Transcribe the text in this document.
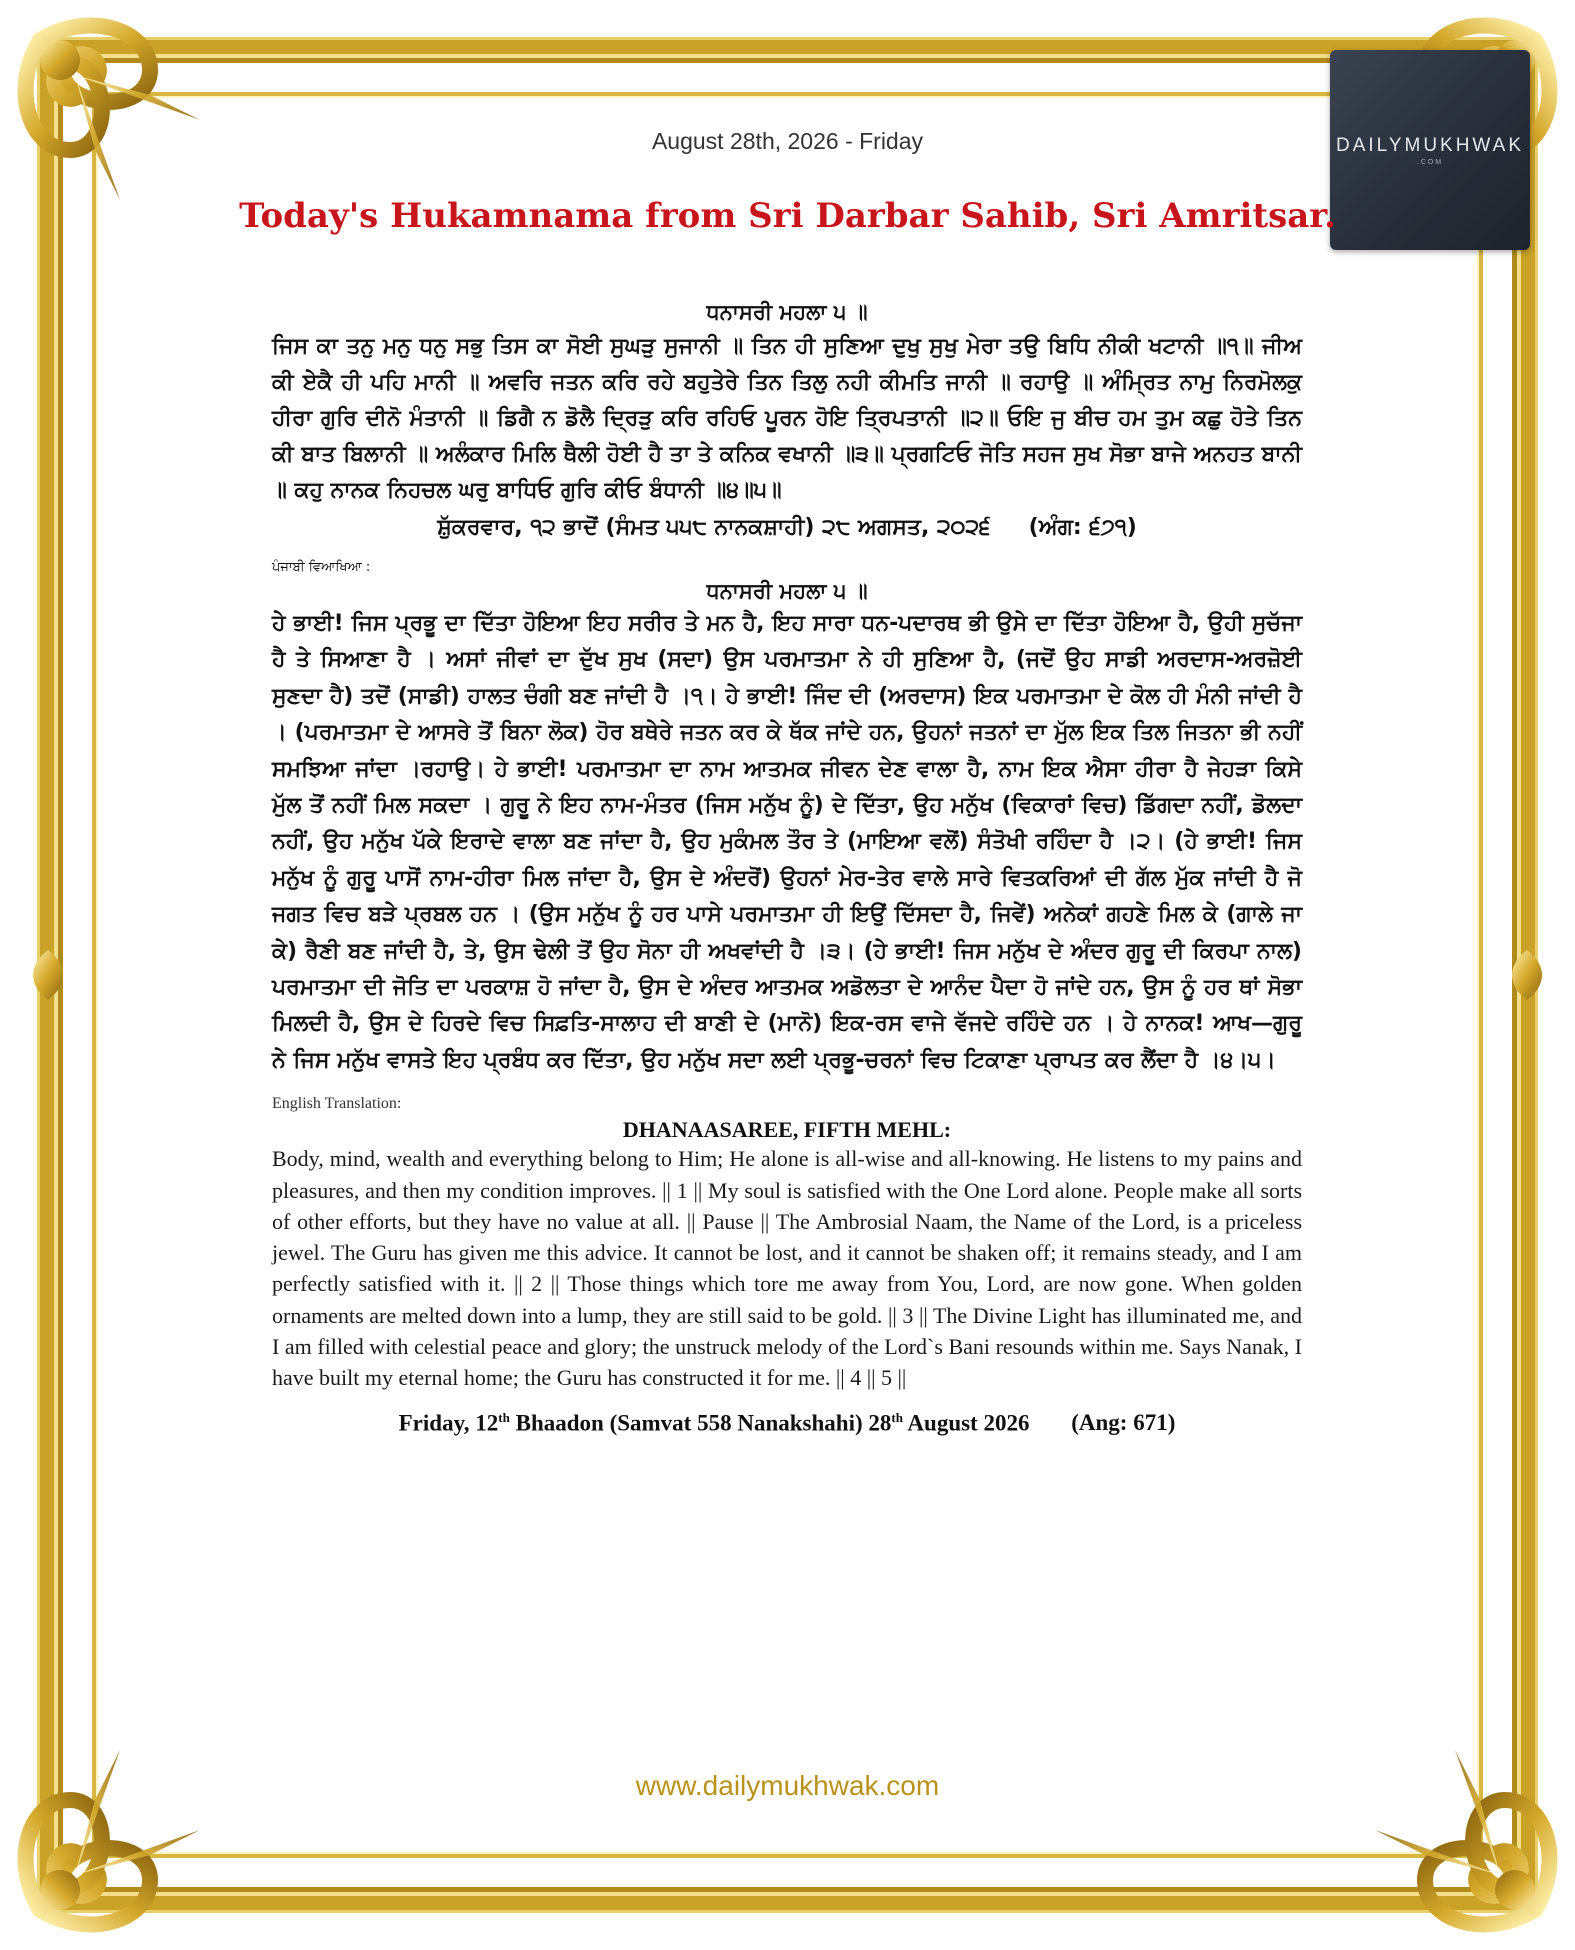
DAILYMUKHWAK
.COM
August 28th, 2026 - Friday
Today's Hukamnama from Sri Darbar Sahib, Sri Amritsar.
ਧਨਾਸਰੀ ਮਹਲਾ ੫ ॥

ਜਿਸ ਕਾ ਤਨੁ ਮਨੁ ਧਨੁ ਸਭੁ ਤਿਸ ਕਾ ਸੋਈ ਸੁਘੜੁ ਸੁਜਾਨੀ ॥ ਤਿਨ ਹੀ ਸੁਣਿਆ ਦੁਖੁ ਸੁਖੁ ਮੇਰਾ ਤਉ ਬਿਧਿ ਨੀਕੀ ਖਟਾਨੀ ॥੧॥ ਜੀਅ ਕੀ ਏਕੈ ਹੀ ਪਹਿ ਮਾਨੀ ॥ ਅਵਰਿ ਜਤਨ ਕਰਿ ਰਹੇ ਬਹੁਤੇਰੇ ਤਿਨ ਤਿਲੁ ਨਹੀ ਕੀਮਤਿ ਜਾਨੀ ॥ ਰਹਾਉ ॥ ਅੰਮ੍ਰਿਤ ਨਾਮੁ ਨਿਰਮੋਲਕੁ ਹੀਰਾ ਗੁਰਿ ਦੀਨੋ ਮੰਤਾਨੀ ॥ ਡਿਗੈ ਨ ਡੋਲੈ ਦ੍ਰਿੜੁ ਕਰਿ ਰਹਿਓ ਪੂਰਨ ਹੋਇ ਤ੍ਰਿਪਤਾਨੀ ॥੨॥ ਓਇ ਜੁ ਬੀਚ ਹਮ ਤੁਮ ਕਛੁ ਹੋਤੇ ਤਿਨ ਕੀ ਬਾਤ ਬਿਲਾਨੀ ॥ ਅਲੰਕਾਰ ਮਿਲਿ ਥੈਲੀ ਹੋਈ ਹੈ ਤਾ ਤੇ ਕਨਿਕ ਵਖਾਨੀ ॥੩॥ ਪ੍ਰਗਟਿਓ ਜੋਤਿ ਸਹਜ ਸੁਖ ਸੋਭਾ ਬਾਜੇ ਅਨਹਤ ਬਾਨੀ ॥ ਕਹੁ ਨਾਨਕ ਨਿਹਚਲ ਘਰੁ ਬਾਧਿਓ ਗੁਰਿ ਕੀਓ ਬੰਧਾਨੀ ॥੪॥੫॥

ਸ਼ੁੱਕਰਵਾਰ, ੧੨ ਭਾਦੋਂ (ਸੰਮਤ ੫੫੮ ਨਾਨਕਸ਼ਾਹੀ) ੨੮ ਅਗਸਤ, ੨੦੨੬     (ਅੰਗ: ੬੭੧)
ਪੰਜਾਬੀ ਵਿਆਖਿਆ :
ਧਨਾਸਰੀ ਮਹਲਾ ੫ ॥

ਹੇ ਭਾਈ! ਜਿਸ ਪ੍ਰਭੂ ਦਾ ਦਿੱਤਾ ਹੋਇਆ ਇਹ ਸਰੀਰ ਤੇ ਮਨ ਹੈ, ਇਹ ਸਾਰਾ ਧਨ-ਪਦਾਰਥ ਭੀ ਉਸੇ ਦਾ ਦਿੱਤਾ ਹੋਇਆ ਹੈ, ਉਹੀ ਸੁਚੱਜਾ ਹੈ ਤੇ ਸਿਆਣਾ ਹੈ । ਅਸਾਂ ਜੀਵਾਂ ਦਾ ਦੁੱਖ ਸੁਖ (ਸਦਾ) ਉਸ ਪਰਮਾਤਮਾ ਨੇ ਹੀ ਸੁਣਿਆ ਹੈ, (ਜਦੋਂ ਉਹ ਸਾਡੀ ਅਰਦਾਸ-ਅਰਜ਼ੋਈ ਸੁਣਦਾ ਹੈ) ਤਦੋਂ (ਸਾਡੀ) ਹਾਲਤ ਚੰਗੀ ਬਣ ਜਾਂਦੀ ਹੈ ।੧। ਹੇ ਭਾਈ! ਜਿੰਦ ਦੀ (ਅਰਦਾਸ) ਇਕ ਪਰਮਾਤਮਾ ਦੇ ਕੋਲ ਹੀ ਮੰਨੀ ਜਾਂਦੀ ਹੈ । (ਪਰਮਾਤਮਾ ਦੇ ਆਸਰੇ ਤੋਂ ਬਿਨਾ ਲੋਕ) ਹੋਰ ਬਥੇਰੇ ਜਤਨ ਕਰ ਕੇ ਥੱਕ ਜਾਂਦੇ ਹਨ, ਉਹਨਾਂ ਜਤਨਾਂ ਦਾ ਮੁੱਲ ਇਕ ਤਿਲ ਜਿਤਨਾ ਭੀ ਨਹੀਂ ਸਮਝਿਆ ਜਾਂਦਾ ।ਰਹਾਉ। ਹੇ ਭਾਈ! ਪਰਮਾਤਮਾ ਦਾ ਨਾਮ ਆਤਮਕ ਜੀਵਨ ਦੇਣ ਵਾਲਾ ਹੈ, ਨਾਮ ਇਕ ਐਸਾ ਹੀਰਾ ਹੈ ਜੇਹੜਾ ਕਿਸੇ ਮੁੱਲ ਤੋਂ ਨਹੀਂ ਮਿਲ ਸਕਦਾ । ਗੁਰੂ ਨੇ ਇਹ ਨਾਮ-ਮੰਤਰ (ਜਿਸ ਮਨੁੱਖ ਨੂੰ) ਦੇ ਦਿੱਤਾ, ਉਹ ਮਨੁੱਖ (ਵਿਕਾਰਾਂ ਵਿਚ) ਡਿੱਗਦਾ ਨਹੀਂ, ਡੋਲਦਾ ਨਹੀਂ, ਉਹ ਮਨੁੱਖ ਪੱਕੇ ਇਰਾਦੇ ਵਾਲਾ ਬਣ ਜਾਂਦਾ ਹੈ, ਉਹ ਮੁਕੰਮਲ ਤੌਰ ਤੇ (ਮਾਇਆ ਵਲੋਂ) ਸੰਤੋਖੀ ਰਹਿੰਦਾ ਹੈ ।੨। (ਹੇ ਭਾਈ! ਜਿਸ ਮਨੁੱਖ ਨੂੰ ਗੁਰੂ ਪਾਸੋਂ ਨਾਮ-ਹੀਰਾ ਮਿਲ ਜਾਂਦਾ ਹੈ, ਉਸ ਦੇ ਅੰਦਰੋਂ) ਉਹਨਾਂ ਮੇਰ-ਤੇਰ ਵਾਲੇ ਸਾਰੇ ਵਿਤਕਰਿਆਂ ਦੀ ਗੱਲ ਮੁੱਕ ਜਾਂਦੀ ਹੈ ਜੋ ਜਗਤ ਵਿਚ ਬੜੇ ਪ੍ਰਬਲ ਹਨ । (ਉਸ ਮਨੁੱਖ ਨੂੰ ਹਰ ਪਾਸੇ ਪਰਮਾਤਮਾ ਹੀ ਇਉਂ ਦਿੱਸਦਾ ਹੈ, ਜਿਵੇਂ) ਅਨੇਕਾਂ ਗਹਣੇ ਮਿਲ ਕੇ (ਗਾਲੇ ਜਾ ਕੇ) ਰੈਣੀ ਬਣ ਜਾਂਦੀ ਹੈ, ਤੇ, ਉਸ ਢੇਲੀ ਤੋਂ ਉਹ ਸੋਨਾ ਹੀ ਅਖਵਾਂਦੀ ਹੈ ।੩। (ਹੇ ਭਾਈ! ਜਿਸ ਮਨੁੱਖ ਦੇ ਅੰਦਰ ਗੁਰੂ ਦੀ ਕਿਰਪਾ ਨਾਲ) ਪਰਮਾਤਮਾ ਦੀ ਜੋਤਿ ਦਾ ਪਰਕਾਸ਼ ਹੋ ਜਾਂਦਾ ਹੈ, ਉਸ ਦੇ ਅੰਦਰ ਆਤਮਕ ਅਡੋਲਤਾ ਦੇ ਆਨੰਦ ਪੈਦਾ ਹੋ ਜਾਂਦੇ ਹਨ, ਉਸ ਨੂੰ ਹਰ ਥਾਂ ਸੋਭਾ ਮਿਲਦੀ ਹੈ, ਉਸ ਦੇ ਹਿਰਦੇ ਵਿਚ ਸਿਫ਼ਤਿ-ਸਾਲਾਹ ਦੀ ਬਾਣੀ ਦੇ (ਮਾਨੋ) ਇਕ-ਰਸ ਵਾਜੇ ਵੱਜਦੇ ਰਹਿੰਦੇ ਹਨ । ਹੇ ਨਾਨਕ! ਆਖ—ਗੁਰੂ ਨੇ ਜਿਸ ਮਨੁੱਖ ਵਾਸਤੇ ਇਹ ਪ੍ਰਬੰਧ ਕਰ ਦਿੱਤਾ, ਉਹ ਮਨੁੱਖ ਸਦਾ ਲਈ ਪ੍ਰਭੂ-ਚਰਨਾਂ ਵਿਚ ਟਿਕਾਣਾ ਪ੍ਰਾਪਤ ਕਰ ਲੈਂਦਾ ਹੈ ।੪।੫।

English Translation:
DHANAASAREE, FIFTH MEHL:

Body, mind, wealth and everything belong to Him; He alone is all-wise and all-knowing. He listens to my pains and pleasures, and then my condition improves. || 1 || My soul is satisfied with the One Lord alone. People make all sorts of other efforts, but they have no value at all. || Pause || The Ambrosial Naam, the Name of the Lord, is a priceless jewel. The Guru has given me this advice. It cannot be lost, and it cannot be shaken off; it remains steady, and I am perfectly satisfied with it. || 2 || Those things which tore me away from You, Lord, are now gone. When golden ornaments are melted down into a lump, they are still said to be gold. || 3 || The Divine Light has illuminated me, and I am filled with celestial peace and glory; the unstruck melody of the Lord`s Bani resounds within me. Says Nanak, I have built my eternal home; the Guru has constructed it for me. || 4 || 5 ||

Friday, 12th Bhaadon (Samvat 558 Nanakshahi) 28th August 2026 (Ang: 671)
www.dailymukhwak.com
